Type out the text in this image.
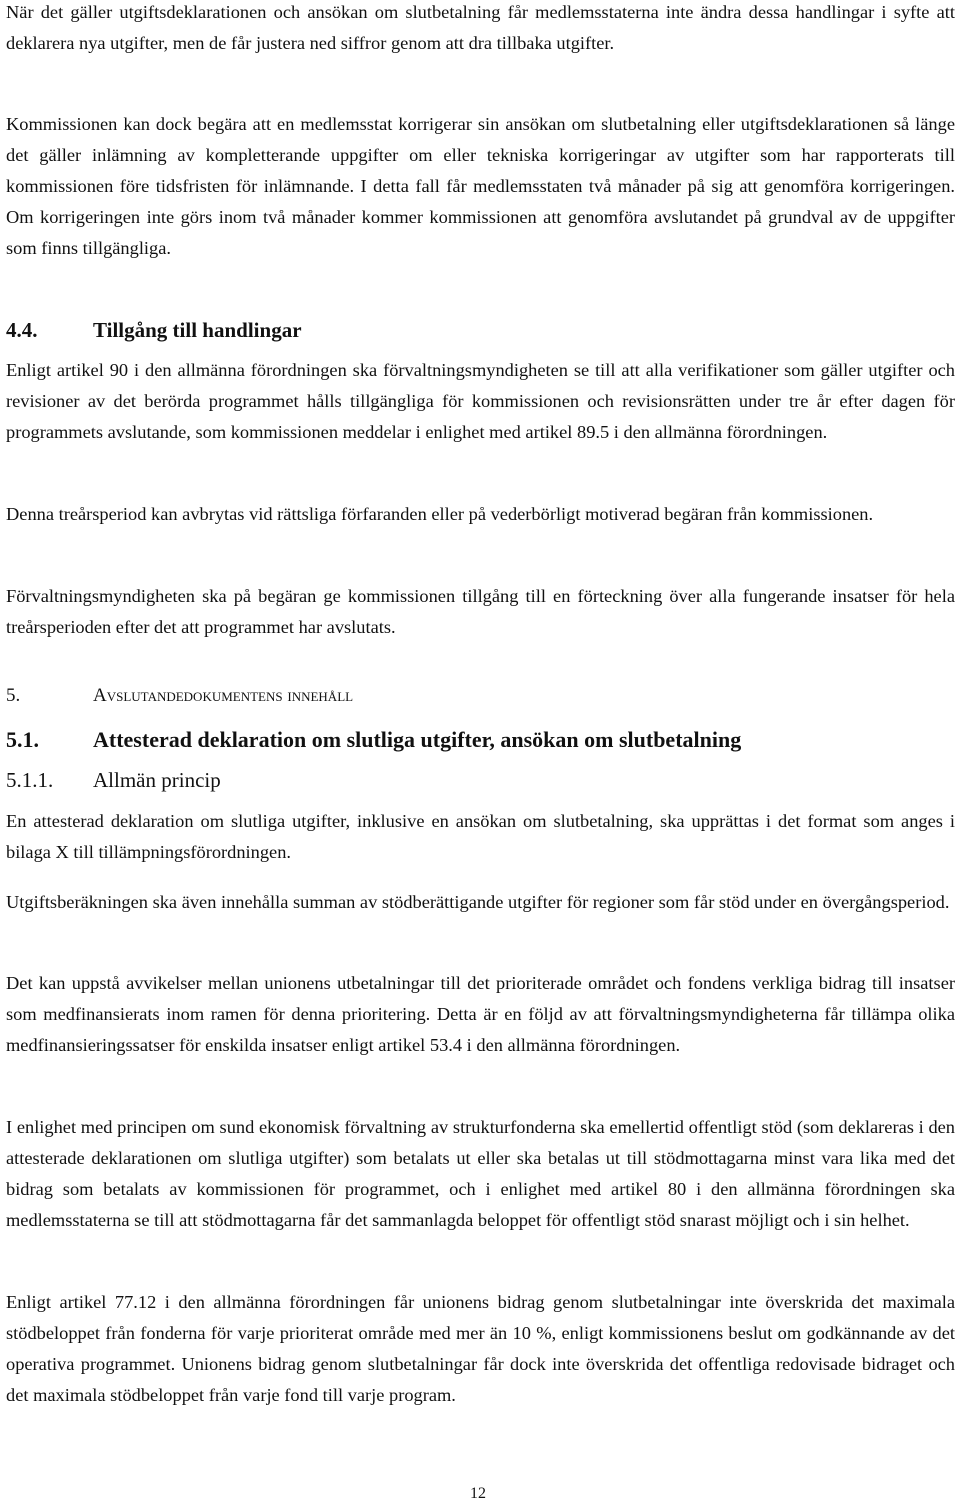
När det gäller utgiftsdeklarationen och ansökan om slutbetalning får medlemsstaterna inte ändra dessa handlingar i syfte att deklarera nya utgifter, men de får justera ned siffror genom att dra tillbaka utgifter.

Kommissionen kan dock begära att en medlemsstat korrigerar sin ansökan om slutbetalning eller utgiftsdeklarationen så länge det gäller inlämning av kompletterande uppgifter om eller tekniska korrigeringar av utgifter som har rapporterats till kommissionen före tidsfristen för inlämnande. I detta fall får medlemsstaten två månader på sig att genomföra korrigeringen. Om korrigeringen inte görs inom två månader kommer kommissionen att genomföra avslutandet på grundval av de uppgifter som finns tillgängliga.

4.4.	Tillgång till handlingar

Enligt artikel 90 i den allmänna förordningen ska förvaltningsmyndigheten se till att alla verifikationer som gäller utgifter och revisioner av det berörda programmet hålls tillgängliga för kommissionen och revisionsrätten under tre år efter dagen för programmets avslutande, som kommissionen meddelar i enlighet med artikel 89.5 i den allmänna förordningen.

Denna treårsperiod kan avbrytas vid rättsliga förfaranden eller på vederbörligt motiverad begäran från kommissionen.

Förvaltningsmyndigheten ska på begäran ge kommissionen tillgång till en förteckning över alla fungerande insatser för hela treårsperioden efter det att programmet har avslutats.

5.	Avslutandedokumentens innehåll
5.1. Attesterad deklaration om slutliga utgifter, ansökan om slutbetalning
5.1.1. Allmän princip

En attesterad deklaration om slutliga utgifter, inklusive en ansökan om slutbetalning, ska upprättas i det format som anges i bilaga X till tillämpningsförordningen.

Utgiftsberäkningen ska även innehålla summan av stödberättigande utgifter för regioner som får stöd under en övergångsperiod.

Det kan uppstå avvikelser mellan unionens utbetalningar till det prioriterade området och fondens verkliga bidrag till insatser som medfinansierats inom ramen för denna prioritering. Detta är en följd av att förvaltningsmyndigheterna får tillämpa olika medfinansieringssatser för enskilda insatser enligt artikel 53.4 i den allmänna förordningen.

I enlighet med principen om sund ekonomisk förvaltning av strukturfonderna ska emellertid offentligt stöd (som deklareras i den attesterade deklarationen om slutliga utgifter) som betalats ut eller ska betalas ut till stödmottagarna minst vara lika med det bidrag som betalats av kommissionen för programmet, och i enlighet med artikel 80 i den allmänna förordningen ska medlemsstaterna se till att stödmottagarna får det sammanlagda beloppet för offentligt stöd snarast möjligt och i sin helhet.

Enligt artikel 77.12 i den allmänna förordningen får unionens bidrag genom slutbetalningar inte överskrida det maximala stödbeloppet från fonderna för varje prioriterat område med mer än 10 %, enligt kommissionens beslut om godkännande av det operativa programmet. Unionens bidrag genom slutbetalningar får dock inte överskrida det offentliga redovisade bidraget och det maximala stödbeloppet från varje fond till varje program.

12
